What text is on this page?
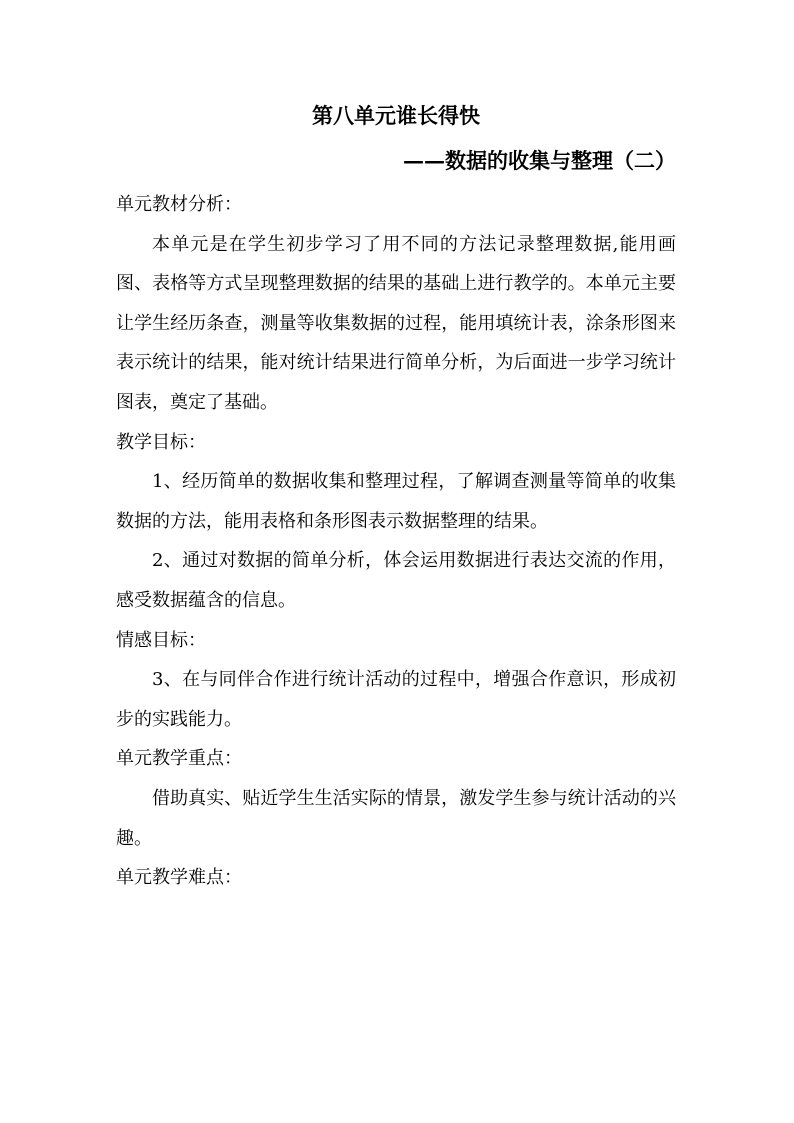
第八单元谁长得快
——数据的收集与整理（二）

单元教材分析：

本单元是在学生初步学习了用不同的方法记录整理数据,能用画图、表格等方式呈现整理数据的结果的基础上进行教学的。本单元主要让学生经历条查，测量等收集数据的过程，能用填统计表，涂条形图来表示统计的结果，能对统计结果进行简单分析，为后面进一步学习统计图表，奠定了基础。

教学目标：

1、经历简单的数据收集和整理过程，了解调查测量等简单的收集数据的方法，能用表格和条形图表示数据整理的结果。

2、通过对数据的简单分析，体会运用数据进行表达交流的作用，感受数据蕴含的信息。

情感目标：

3、在与同伴合作进行统计活动的过程中，增强合作意识，形成初步的实践能力。

单元教学重点：

借助真实、贴近学生生活实际的情景，激发学生参与统计活动的兴趣。

单元教学难点：
